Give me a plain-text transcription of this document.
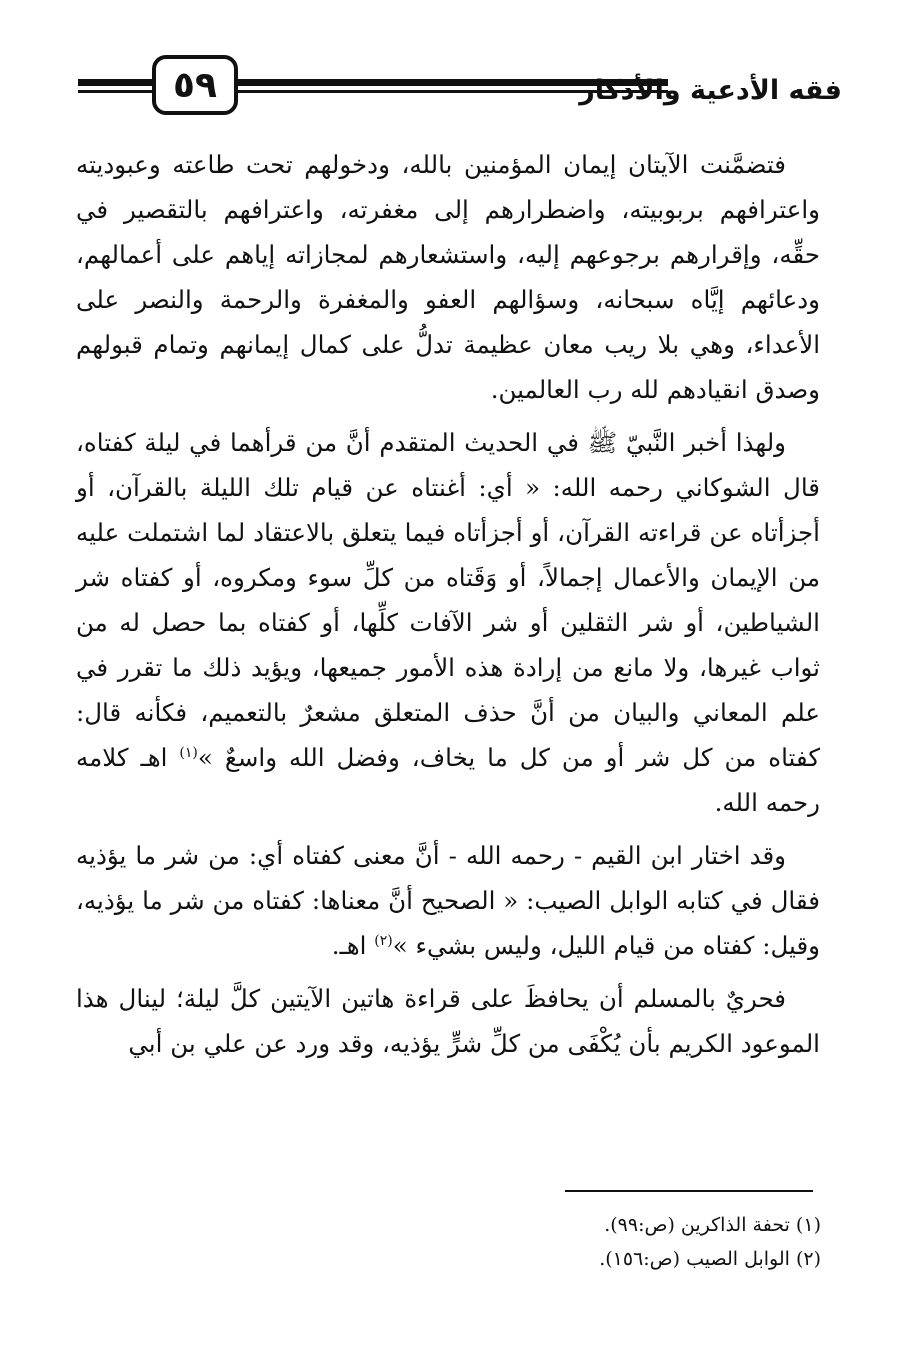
٥٩	فقه الأدعية والأذكار

فتضمَّنت الآيتان إيمان المؤمنين بالله، ودخولهم تحت طاعته وعبوديته واعترافهم بربوبيته، واضطرارهم إلى مغفرته، واعترافهم بالتقصير في حقِّه، وإقرارهم برجوعهم إليه، واستشعارهم لمجازاته إياهم على أعمالهم، ودعائهم إيَّاه سبحانه، وسؤالهم العفو والمغفرة والرحمة والنصر على الأعداء، وهي بلا ريب معان عظيمة تدلُّ على كمال إيمانهم وتمام قبولهم وصدق انقيادهم لله رب العالمين.

ولهذا أخبر النَّبيّ ﷺ في الحديث المتقدم أنَّ من قرأهما في ليلة كفتاه، قال الشوكاني رحمه الله: « أي: أغنتاه عن قيام تلك الليلة بالقرآن، أو أجزأتاه عن قراءته القرآن، أو أجزأتاه فيما يتعلق بالاعتقاد لما اشتملت عليه من الإيمان والأعمال إجمالاً، أو وَقَتاه من كلِّ سوء ومكروه، أو كفتاه شر الشياطين، أو شر الثقلين أو شر الآفات كلِّها، أو كفتاه بما حصل له من ثواب غيرها، ولا مانع من إرادة هذه الأمور جميعها، ويؤيد ذلك ما تقرر في علم المعاني والبيان من أنَّ حذف المتعلق مشعرٌ بالتعميم، فكأنه قال: كفتاه من كل شر أو من كل ما يخاف، وفضل الله واسعٌ »$^{(١)}$ اهـ كلامه رحمه الله.

وقد اختار ابن القيم - رحمه الله - أنَّ معنى كفتاه أي: من شر ما يؤذيه فقال في كتابه الوابل الصيب: « الصحيح أنَّ معناها: كفتاه من شر ما يؤذيه، وقيل: كفتاه من قيام الليل، وليس بشيء »$^{(٢)}$ اهـ.

فحريٌ بالمسلم أن يحافظَ على قراءة هاتين الآيتين كلَّ ليلة؛ لينال هذا الموعود الكريم بأن يُكْفَى من كلِّ شرٍّ يؤذيه، وقد ورد عن علي بن أبي

(١) تحفة الذاكرين (ص:٩٩).
(٢) الوابل الصيب (ص:١٥٦).
